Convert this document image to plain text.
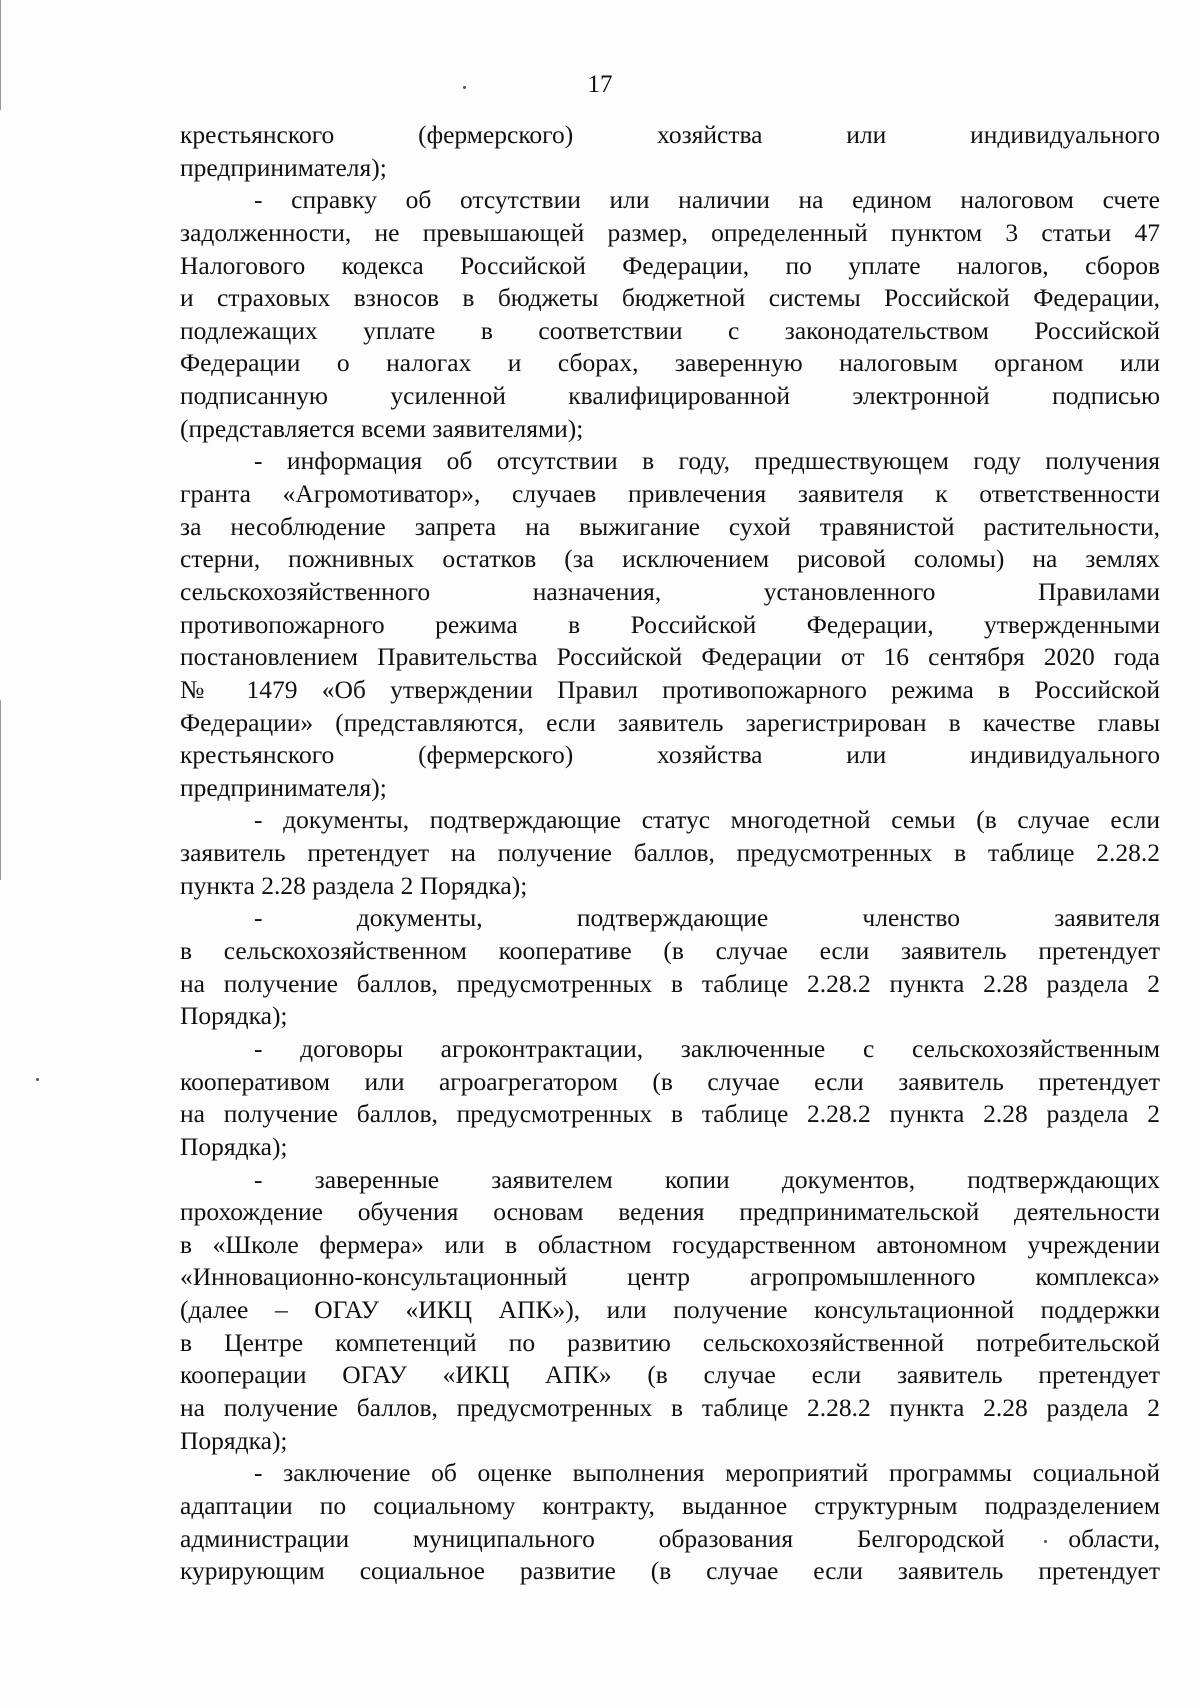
17

крестьянского (фермерского) хозяйства или индивидуального

предпринимателя);

- справку об отсутствии или наличии на едином налоговом счете

задолженности, не превышающей размер, определенный пунктом 3 статьи 47

Налогового кодекса Российской Федерации, по уплате налогов, сборов

и страховых взносов в бюджеты бюджетной системы Российской Федерации,

подлежащих уплате в соответствии с законодательством Российской

Федерации о налогах и сборах, заверенную налоговым органом или

подписанную усиленной квалифицированной электронной подписью

(представляется всеми заявителями);

- информация об отсутствии в году, предшествующем году получения

гранта «Агромотиватор», случаев привлечения заявителя к ответственности

за несоблюдение запрета на выжигание сухой травянистой растительности,

стерни, пожнивных остатков (за исключением рисовой соломы) на землях

сельскохозяйственного назначения, установленного Правилами

противопожарного режима в Российской Федерации, утвержденными

постановлением Правительства Российской Федерации от 16 сентября 2020 года

№ 1479 «Об утверждении Правил противопожарного режима в Российской

Федерации» (представляются, если заявитель зарегистрирован в качестве главы

крестьянского (фермерского) хозяйства или индивидуального

предпринимателя);

- документы, подтверждающие статус многодетной семьи (в случае если

заявитель претендует на получение баллов, предусмотренных в таблице 2.28.2

пункта 2.28 раздела 2 Порядка);

- документы, подтверждающие членство заявителя

в сельскохозяйственном кооперативе (в случае если заявитель претендует

на получение баллов, предусмотренных в таблице 2.28.2 пункта 2.28 раздела 2

Порядка);

- договоры агроконтрактации, заключенные с сельскохозяйственным

кооперативом или агроагрегатором (в случае если заявитель претендует

на получение баллов, предусмотренных в таблице 2.28.2 пункта 2.28 раздела 2

Порядка);

- заверенные заявителем копии документов, подтверждающих

прохождение обучения основам ведения предпринимательской деятельности

в «Школе фермера» или в областном государственном автономном учреждении

«Инновационно-консультационный центр агропромышленного комплекса»

(далее – ОГАУ «ИКЦ АПК»), или получение консультационной поддержки

в Центре компетенций по развитию сельскохозяйственной потребительской

кооперации ОГАУ «ИКЦ АПК» (в случае если заявитель претендует

на получение баллов, предусмотренных в таблице 2.28.2 пункта 2.28 раздела 2

Порядка);

- заключение об оценке выполнения мероприятий программы социальной

адаптации по социальному контракту, выданное структурным подразделением

администрации муниципального образования Белгородской области,

курирующим социальное развитие (в случае если заявитель претендует
